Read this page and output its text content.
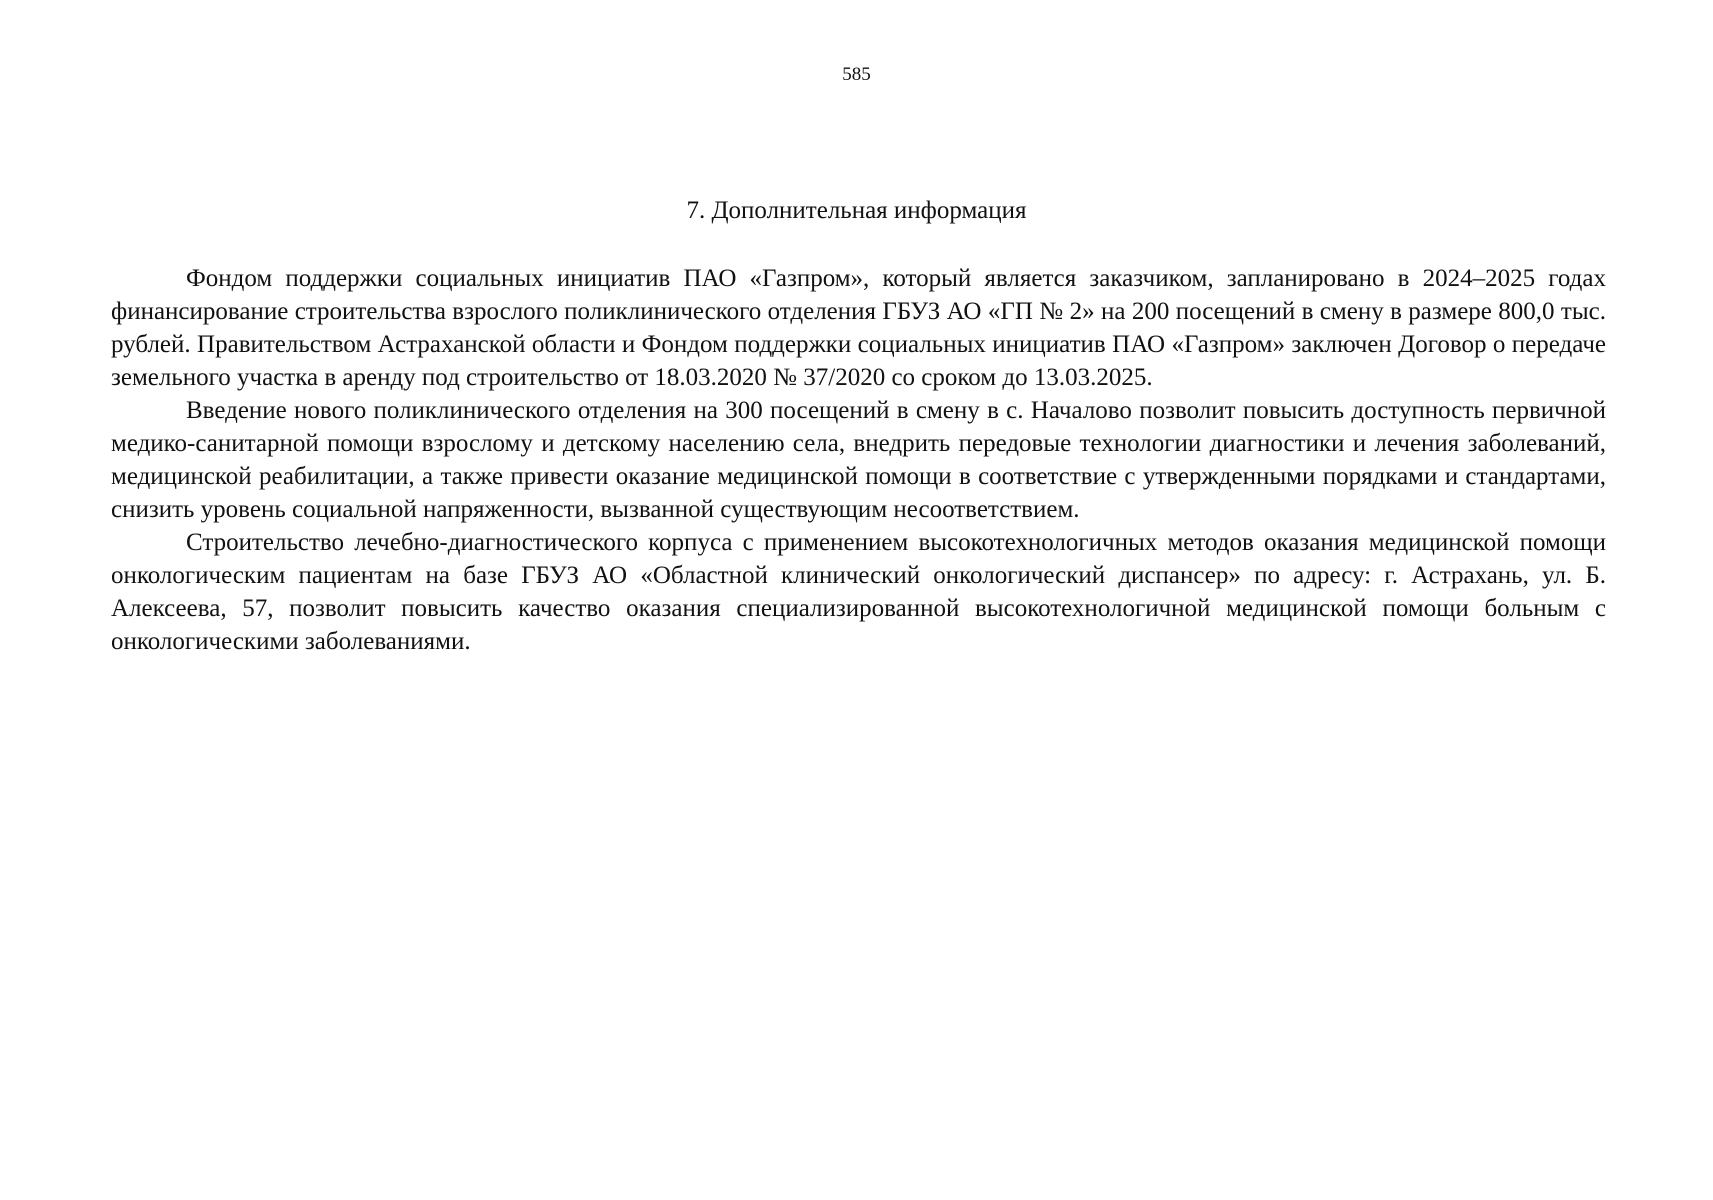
585
7. Дополнительная информация

Фондом поддержки социальных инициатив ПАО «Газпром», который является заказчиком, запланировано в 2024–2025 годах финансирование строительства взрослого поликлинического отделения ГБУЗ АО «ГП № 2» на 200 посещений в смену в размере 800,0 тыс. рублей. Правительством Астраханской области и Фондом поддержки социальных инициатив ПАО «Газпром» заключен Договор о передаче земельного участка в аренду под строительство от 18.03.2020 № 37/2020 со сроком до 13.03.2025.

Введение нового поликлинического отделения на 300 посещений в смену в с. Началово позволит повысить доступность первичной медико-санитарной помощи взрослому и детскому населению села, внедрить передовые технологии диагностики и лечения заболеваний, медицинской реабилитации, а также привести оказание медицинской помощи в соответствие с утвержденными порядками и стандартами, снизить уровень социальной напряженности, вызванной существующим несоответствием.

Строительство лечебно-диагностического корпуса с применением высокотехнологичных методов оказания медицинской помощи онкологическим пациентам на базе ГБУЗ АО «Областной клинический онкологический диспансер» по адресу: г. Астрахань, ул. Б. Алексеева, 57, позволит повысить качество оказания специализированной высокотехнологичной медицинской помощи больным с онкологическими заболеваниями.
